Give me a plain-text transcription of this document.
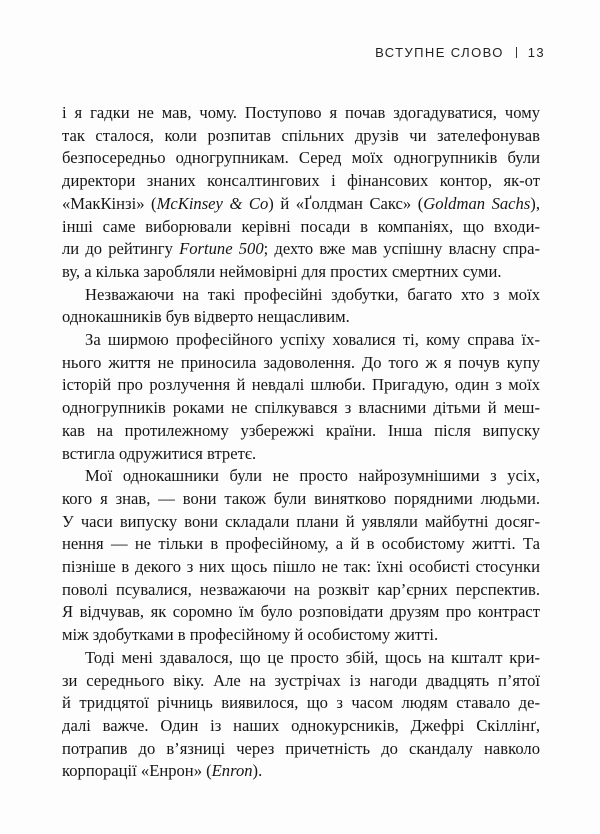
ВСТУПНЕ СЛОВО 13
і я гадки не мав, чому. Поступово я почав здогадуватися, чому
так сталося, коли розпитав спільних друзів чи зателефонував
безпосередньо одногрупникам. Серед моїх одногрупників були
директори знаних консалтингових і фінансових контор, як-от
«МакКінзі» (McKinsey & Co) й «Ґолдман Сакс» (Goldman Sachs),
інші саме виборювали керівні посади в компаніях, що входи-
ли до рейтингу Fortune 500; дехто вже мав успішну власну спра-
ву, а кілька заробляли неймовірні для простих смертних суми.
Незважаючи на такі професійні здобутки, багато хто з моїх
однокашників був відверто нещасливим.
За ширмою професійного успіху ховалися ті, кому справа їх-
нього життя не приносила задоволення. До того ж я почув купу
історій про розлучення й невдалі шлюби. Пригадую, один з моїх
одногрупників роками не спілкувався з власними дітьми й меш-
кав на протилежному узбережжі країни. Інша після випуску
встигла одружитися втретє.
Мої однокашники були не просто найрозумнішими з усіх,
кого я знав, — вони також були винятково порядними людьми.
У часи випуску вони складали плани й уявляли майбутні досяг-
нення — не тільки в професійному, а й в особистому житті. Та
пізніше в декого з них щось пішло не так: їхні особисті стосунки
поволі псувалися, незважаючи на розквіт кар’єрних перспектив.
Я відчував, як соромно їм було розповідати друзям про контраст
між здобутками в професійному й особистому житті.
Тоді мені здавалося, що це просто збій, щось на кшталт кри-
зи середнього віку. Але на зустрічах із нагоди двадцять п’ятої
й тридцятої річниць виявилося, що з часом людям ставало де-
далі важче. Один із наших однокурсників, Джефрі Скіллінґ,
потрапив до в’язниці через причетність до скандалу навколо
корпорації «Енрон» (Enron).
